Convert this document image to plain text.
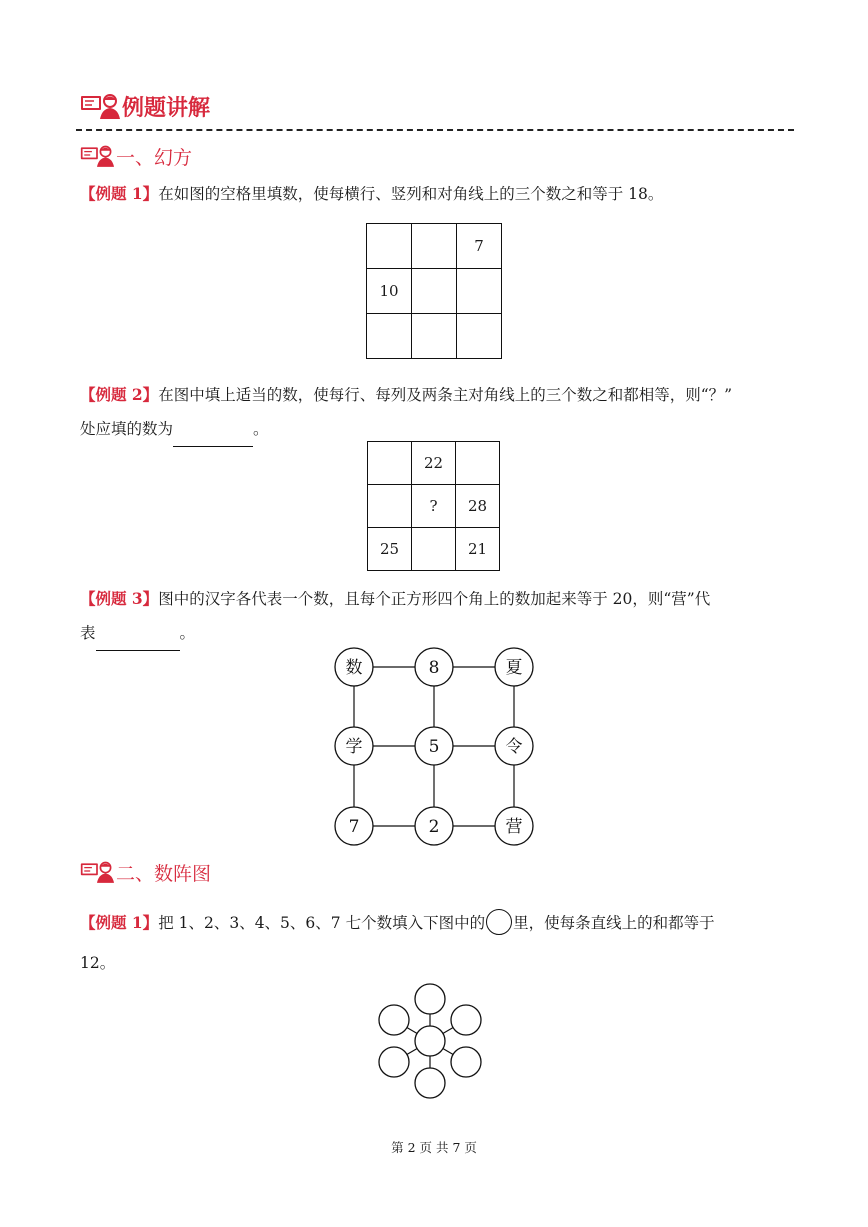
例题讲解
一、幻方
【例题 1】在如图的空格里填数，使每横行、竖列和对角线上的三个数之和等于 18。
		7
10		

【例题 2】在图中填上适当的数，使每行、每列及两条主对角线上的三个数之和都相等，则“？”
处应填的数为	。
	22	
	?	28
25		21
【例题 3】图中的汉字各代表一个数，且每个正方形四个角上的数加起来等于 20，则“营”代
表	。
数	8	夏
学	5	令
7	2	营
二、数阵图
【例题 1】把 1、2、3、4、5、6、7 七个数填入下图中的 里，使每条直线上的和都等于
12。
第 2 页 共 7 页
